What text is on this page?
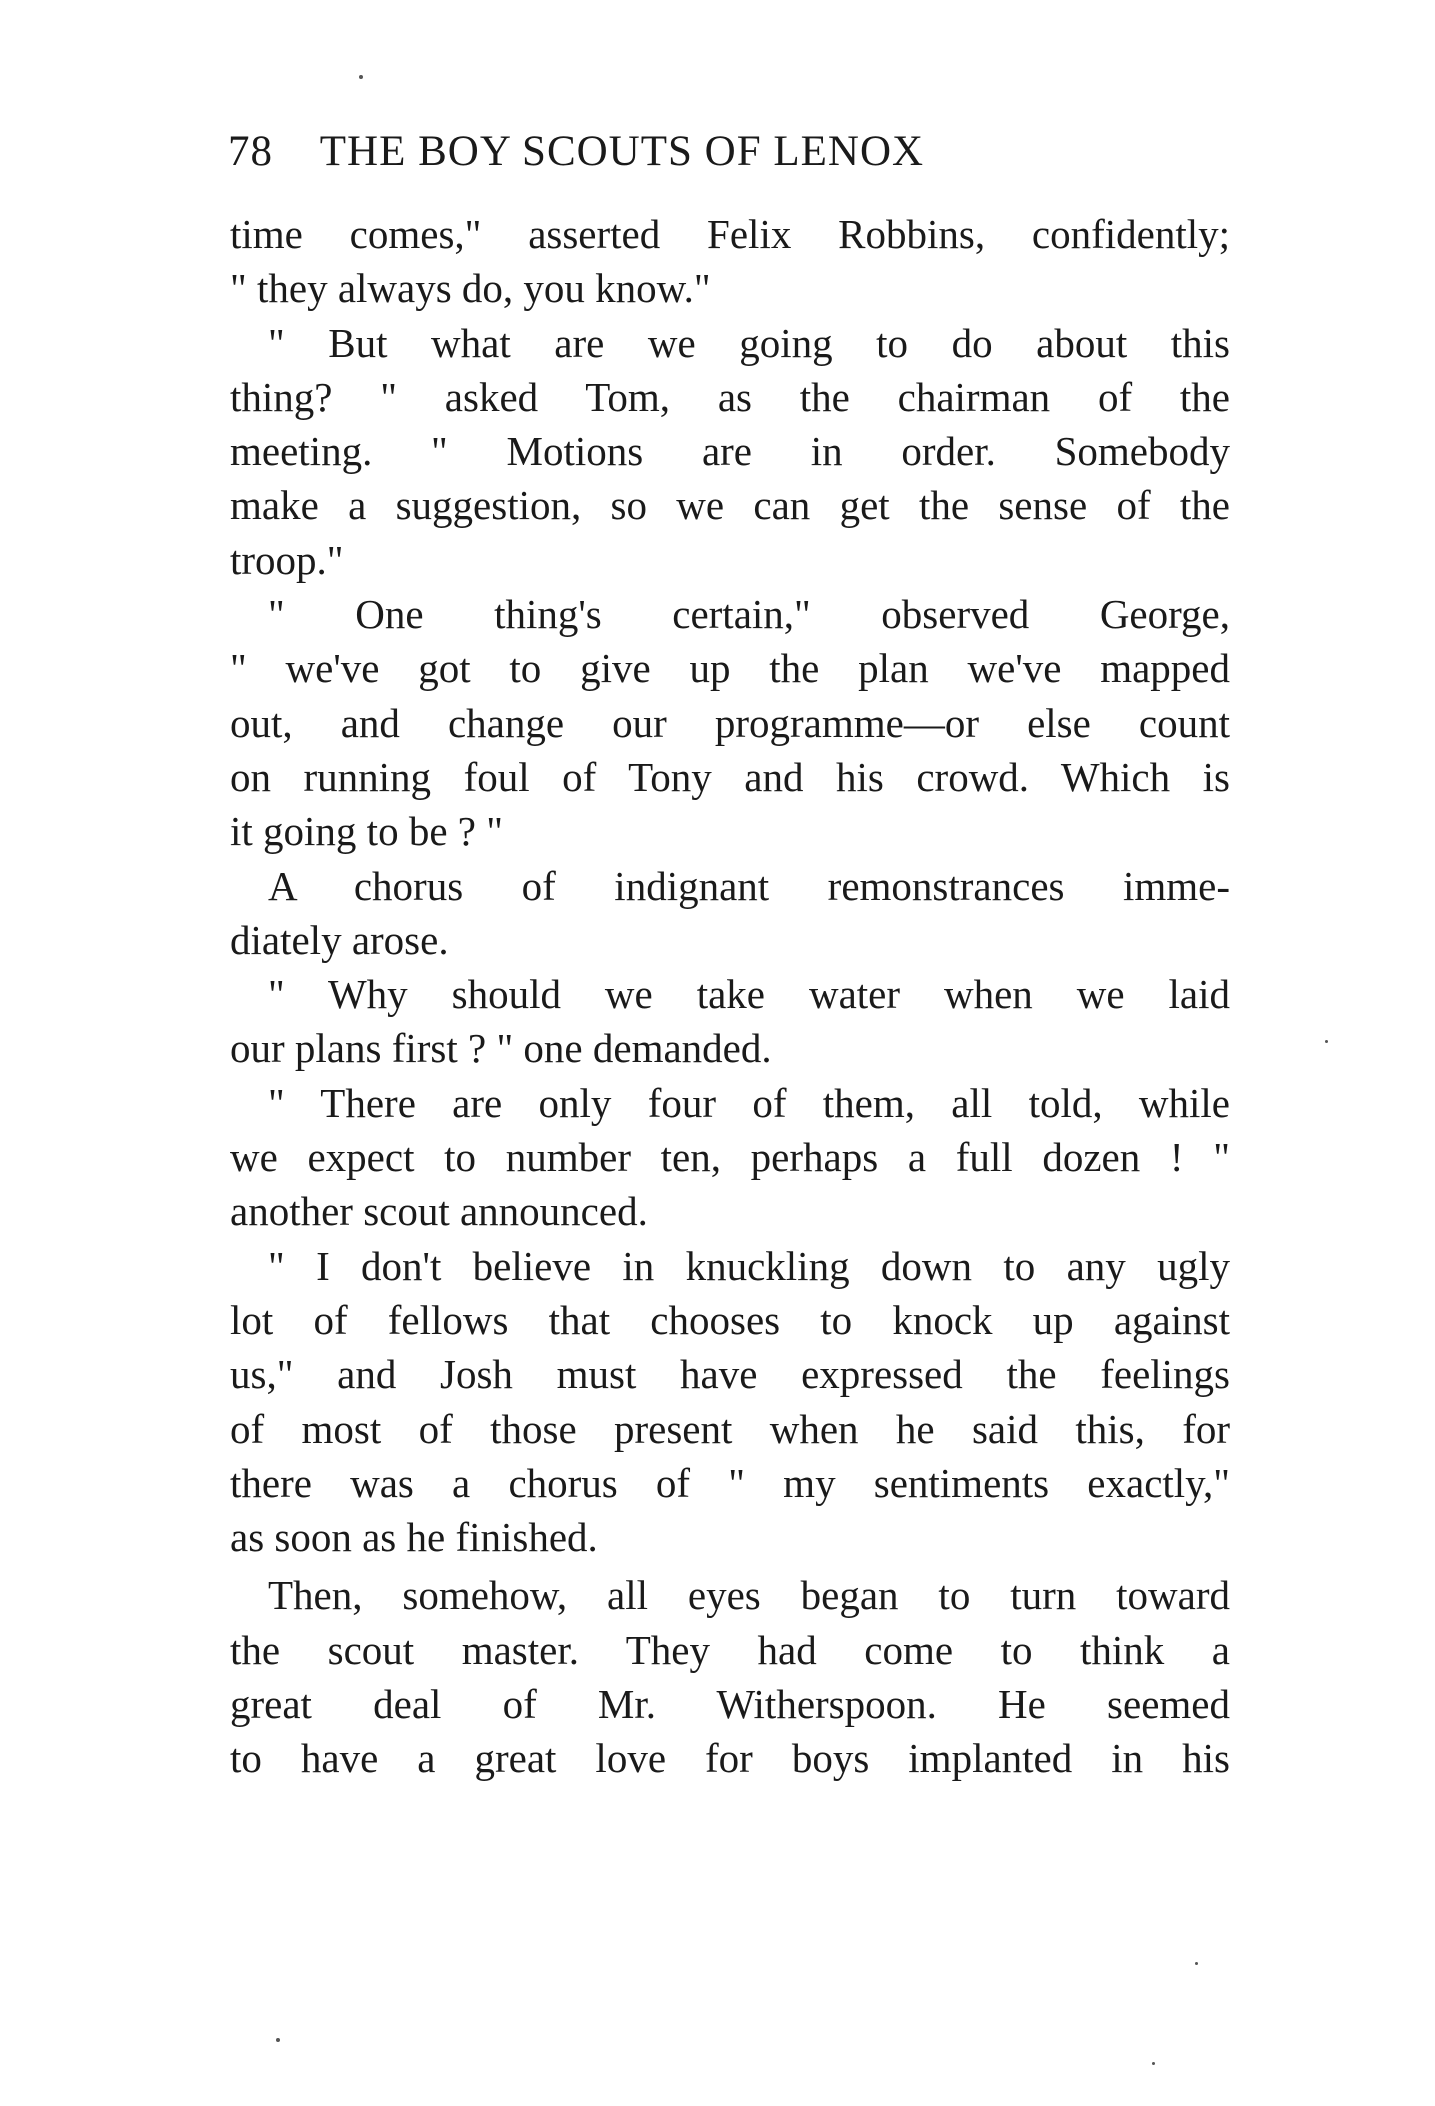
78 THE BOY SCOUTS OF LENOX
time comes," asserted Felix Robbins, confidently;
" they always do, you know."
" But what are we going to do about this
thing? " asked Tom, as the chairman of the
meeting. " Motions are in order. Somebody
make a suggestion, so we can get the sense of the
troop."
" One thing's certain," observed George,
" we've got to give up the plan we've mapped
out, and change our programme—or else count
on running foul of Tony and his crowd. Which is
it going to be ? "
A chorus of indignant remonstrances imme-
diately arose.
" Why should we take water when we laid
our plans first ? " one demanded.
" There are only four of them, all told, while
we expect to number ten, perhaps a full dozen ! "
another scout announced.
" I don't believe in knuckling down to any ugly
lot of fellows that chooses to knock up against
us," and Josh must have expressed the feelings
of most of those present when he said this, for
there was a chorus of " my sentiments exactly,"
as soon as he finished.
Then, somehow, all eyes began to turn toward
the scout master. They had come to think a
great deal of Mr. Witherspoon. He seemed
to have a great love for boys implanted in his
